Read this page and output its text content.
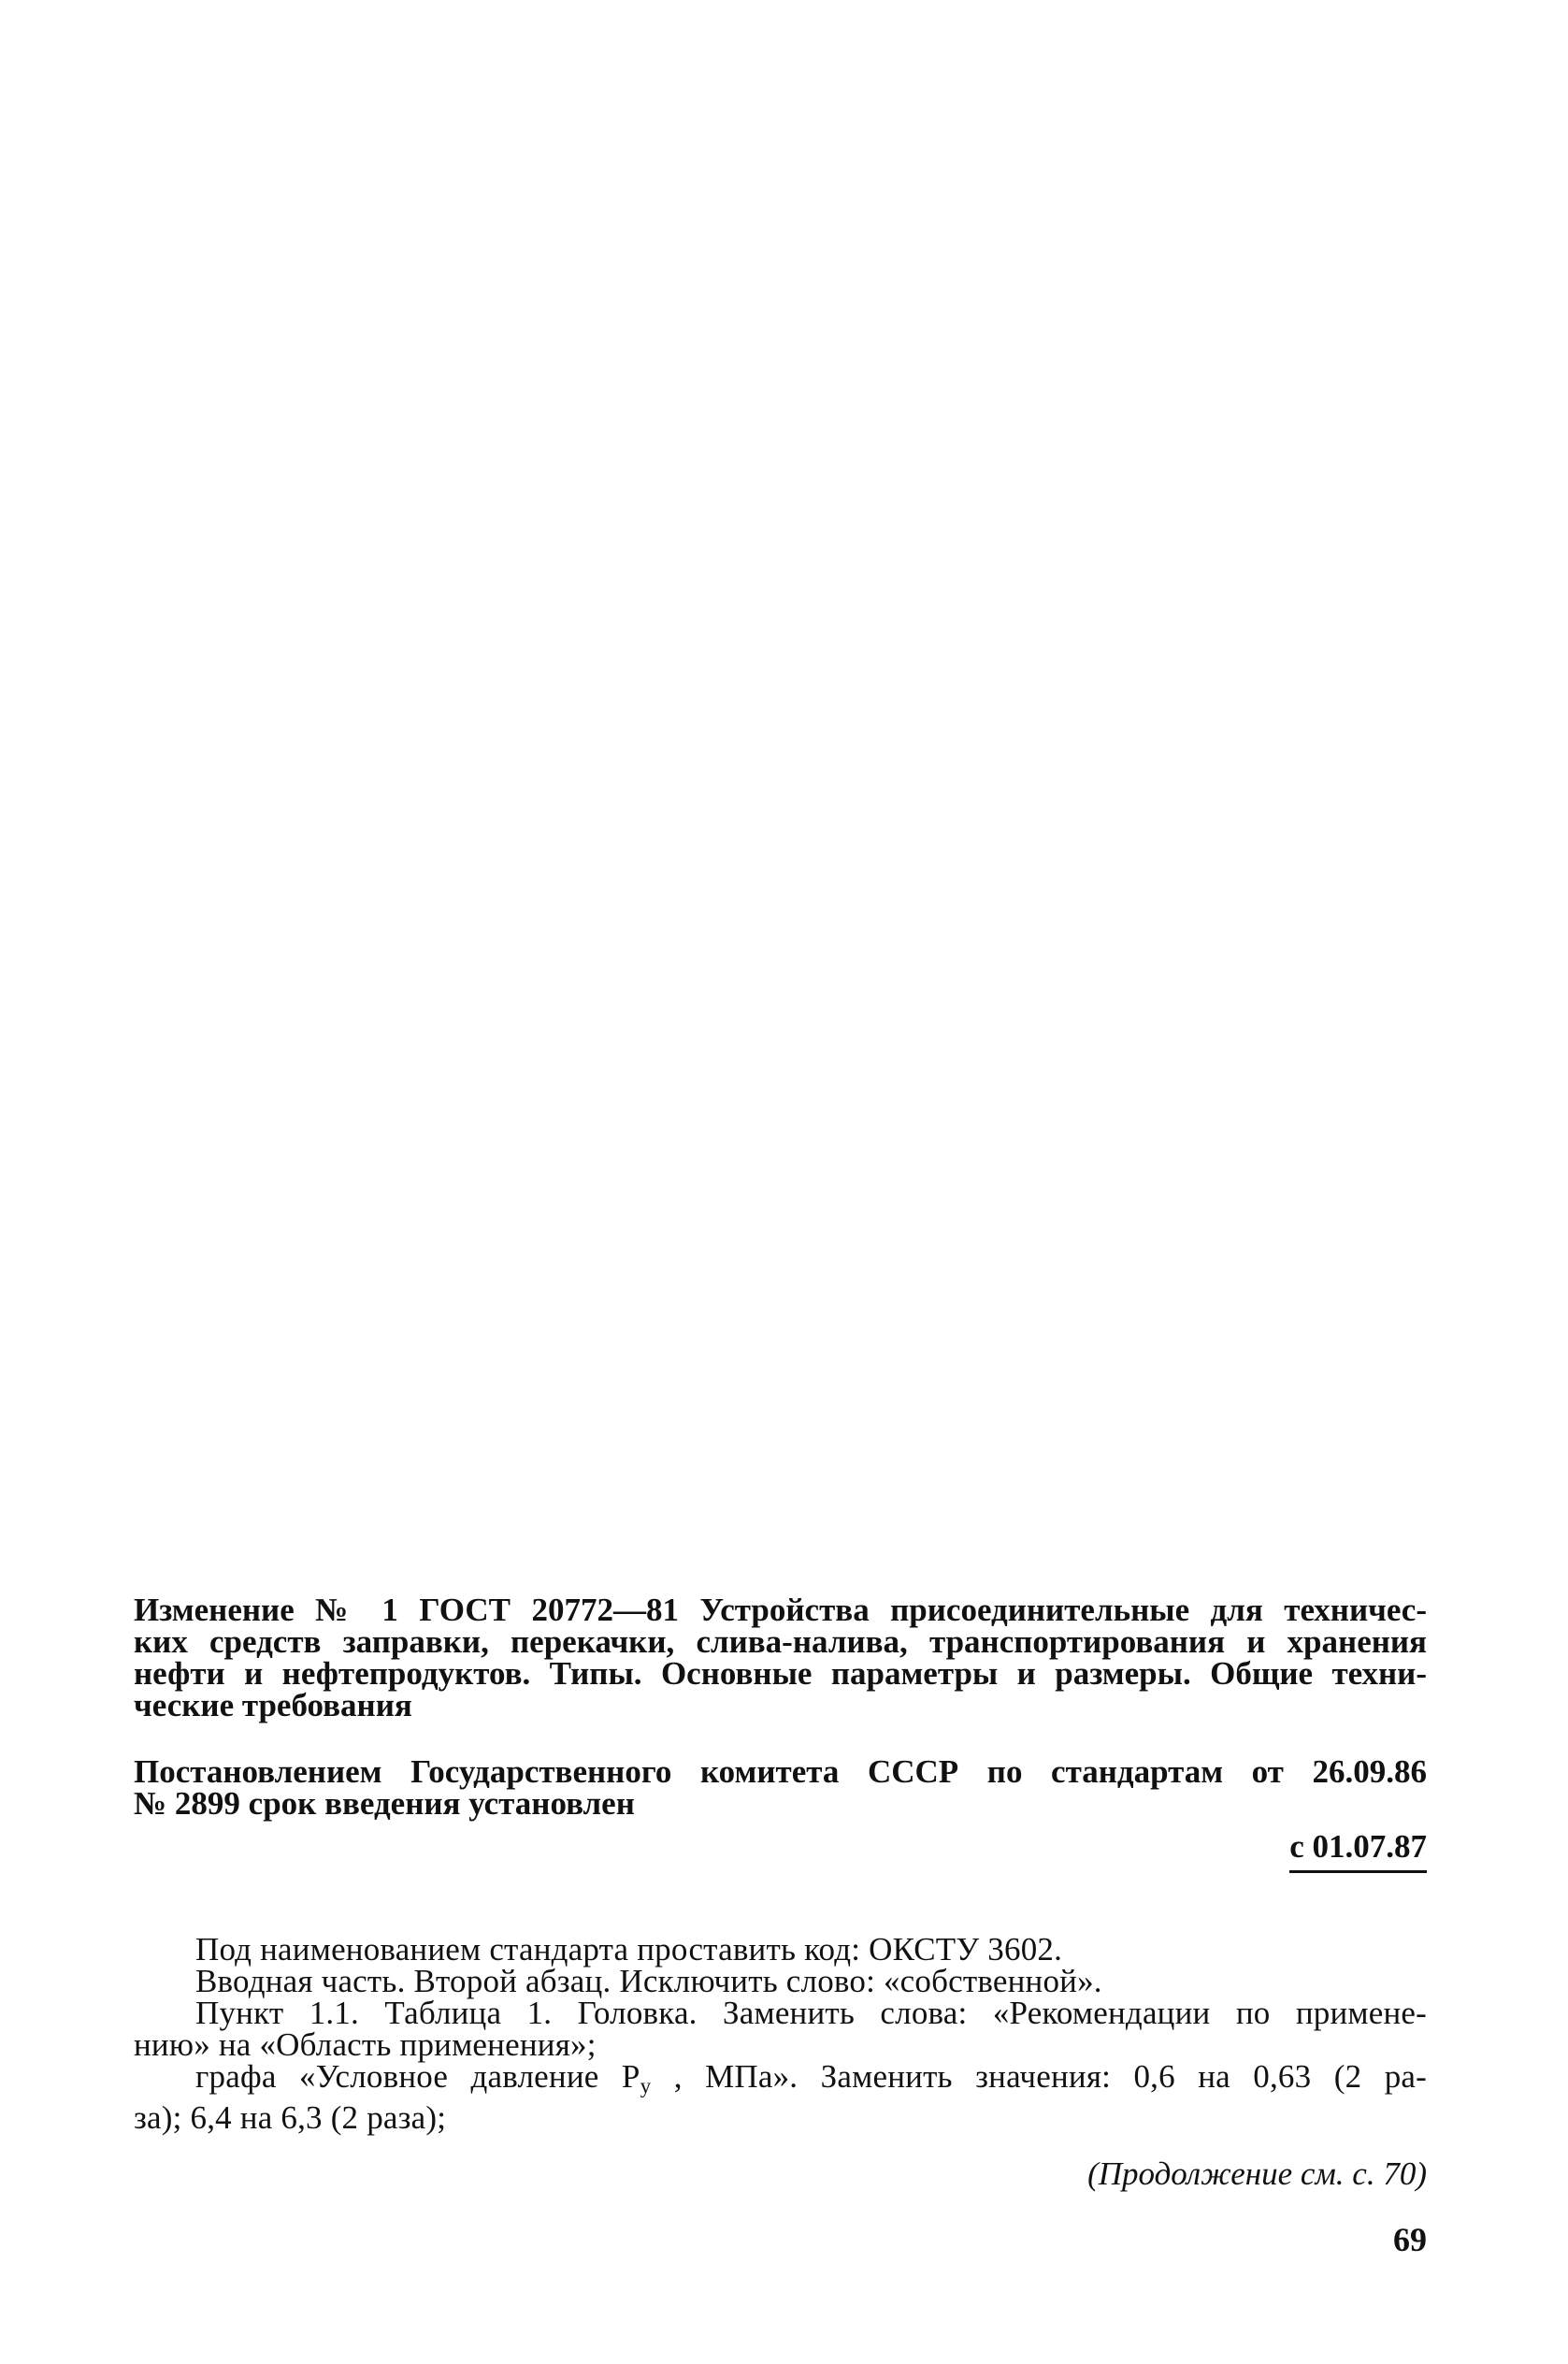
Изменение № 1 ГОСТ 20772—81 Устройства присоединительные для техничес-
ких средств заправки, перекачки, слива-налива, транспортирования и хранения
нефти и нефтепродуктов. Типы. Основные параметры и размеры. Общие техни-
ческие требования
Постановлением Государственного комитета СССР по стандартам от 26.09.86
№ 2899 срок введения установлен
с 01.07.87
Под наименованием стандарта проставить код: ОКСТУ 3602.
Вводная часть. Второй абзац. Исключить слово: «собственной».
Пункт 1.1. Таблица 1. Головка. Заменить слова: «Рекомендации по примене-
нию» на «Область применения»;
графа «Условное давление $P_у$ , МПа». Заменить значения: 0,6 на 0,63 (2 ра-
за); 6,4 на 6,3 (2 раза);
(Продолжение см. с. 70)
69
